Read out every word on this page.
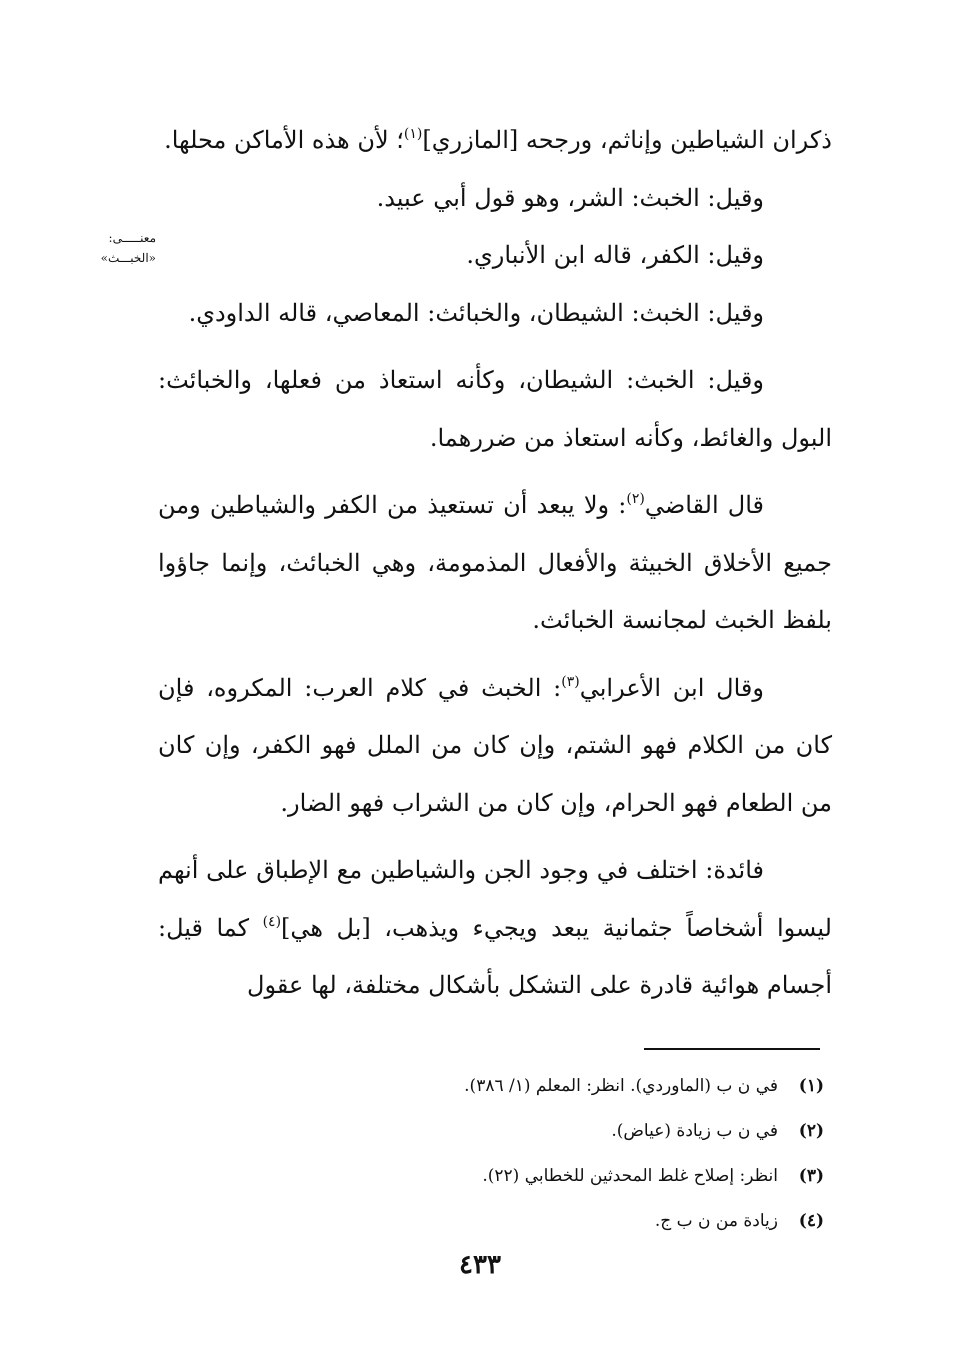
ذكران الشياطين وإناثم، ورجحه [المازري]$^{(١)}$؛ لأن هذه الأماكن محلها.

وقيل: الخبث: الشر، وهو قول أبي عبيد.

وقيل: الكفر، قاله ابن الأنباري.

وقيل: الخبث: الشيطان، والخبائث: المعاصي، قاله الداودي.

وقيل: الخبث: الشيطان، وكأنه استعاذ من فعلها، والخبائث: البول والغائط، وكأنه استعاذ من ضررهما.

قال القاضي$^{(٢)}$: ولا يبعد أن تستعيذ من الكفر والشياطين ومن جميع الأخلاق الخبيثة والأفعال المذمومة، وهي الخبائث، وإنما جاؤوا بلفظ الخبث لمجانسة الخبائث.

وقال ابن الأعرابي$^{(٣)}$: الخبث في كلام العرب: المكروه، فإن كان من الكلام فهو الشتم، وإن كان من الملل فهو الكفر، وإن كان من الطعام فهو الحرام، وإن كان من الشراب فهو الضار.

فائدة: اختلف في وجود الجن والشياطين مع الإطباق على أنهم ليسوا أشخاصاً جثمانية يبعد ويجيء ويذهب، [بل هي]$^{(٤)}$ كما قيل: أجسام هوائية قادرة على التشكل بأشكال مختلفة، لها عقول

معنـــــى:
«الخبـــث»
(١)في ن ب (الماوردي). انظر: المعلم (١/ ٣٨٦).
(٢)في ن ب زيادة (عياض).
(٣)انظر: إصلاح غلط المحدثين للخطابي (٢٢).
(٤)زيادة من ن ب ج.
٤٣٣
